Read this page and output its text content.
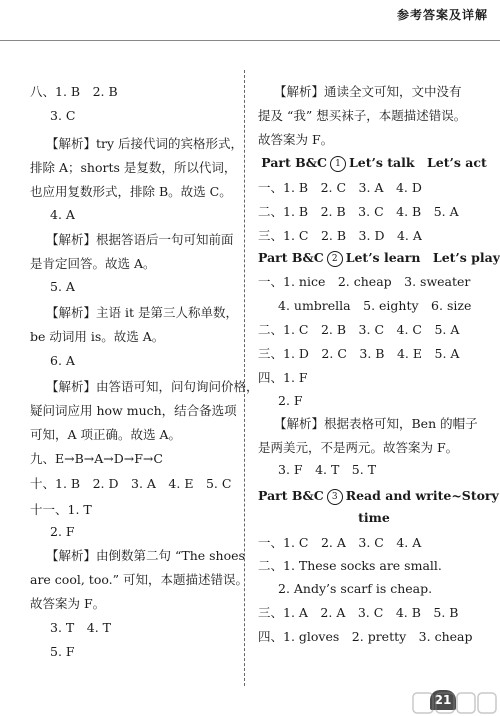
参考答案及详解
八、1. B　2. B
3. C
【解析】try 后接代词的宾格形式，
排除 A；shorts 是复数，所以代词，
也应用复数形式，排除 B。故选 C。
4. A
【解析】根据答语后一句可知前面
是肯定回答。故选 A。
5. A
【解析】主语 it 是第三人称单数，
be 动词用 is。故选 A。
6. A
【解析】由答语可知，问句询问价格，
疑问词应用 how much，结合备选项
可知，A 项正确。故选 A。
九、E→B→A→D→F→C
十、1. B　2. D　3. A　4. E　5. C
十一、1. T
2. F
【解析】由倒数第二句 “The shoes
are cool, too.” 可知，本题描述错误。
故答案为 F。
3. T　4. T
5. F
【解析】通读全文可知，文中没有
提及 “我” 想买袜子，本题描述错误。
故答案为 F。
Part B&C 1 Let’s talk　Let’s act
一、1. B　2. C　3. A　4. D
二、1. B　2. B　3. C　4. B　5. A
三、1. C　2. B　3. D　4. A
Part B&C 2 Let’s learn　Let’s play
一、1. nice　2. cheap　3. sweater
4. umbrella　5. eighty　6. size
二、1. C　2. B　3. C　4. C　5. A
三、1. D　2. C　3. B　4. E　5. A
四、1. F
2. F
【解析】根据表格可知，Ben 的帽子
是两美元，不是两元。故答案为 F。
3. F　4. T　5. T
Part B&C 3 Read and write~Story
time
一、1. C　2. A　3. C　4. A
二、1. These socks are small.
2. Andy’s scarf is cheap.
三、1. A　2. A　3. C　4. B　5. B
四、1. gloves　2. pretty　3. cheap
21
